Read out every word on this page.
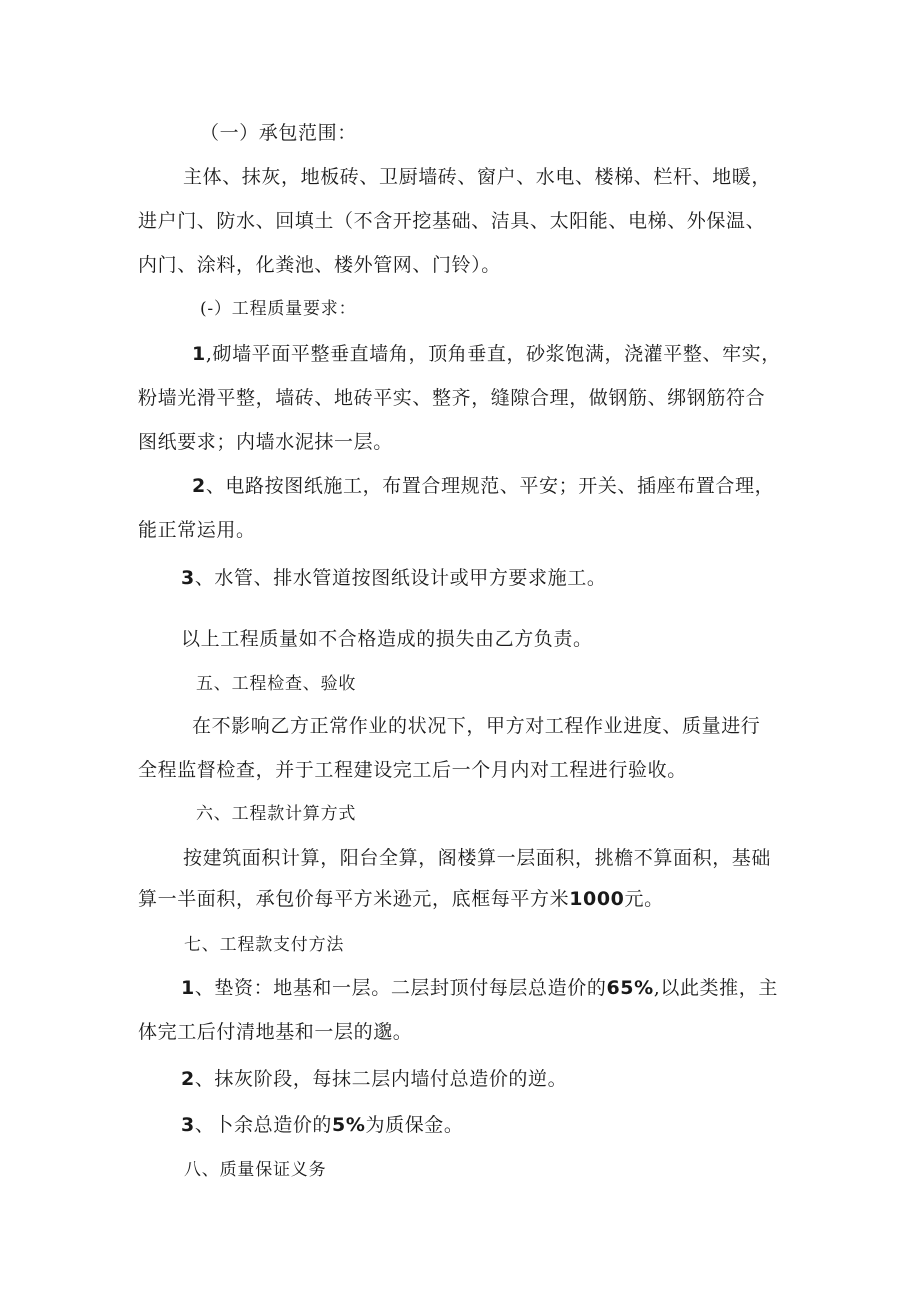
（一）承包范围：
主体、抹灰，地板砖、卫厨墙砖、窗户、水电、楼梯、栏杆、地暖，
进户门、防水、回填土（不含开挖基础、洁具、太阳能、电梯、外保温、
内门、涂料，化粪池、楼外管网、门铃）。
(-）工程质量要求：
1,砌墙平面平整垂直墙角，顶角垂直，砂浆饱满，浇灌平整、牢实，
粉墙光滑平整，墙砖、地砖平实、整齐，缝隙合理，做钢筋、绑钢筋符合
图纸要求；内墙水泥抹一层。
2、电路按图纸施工，布置合理规范、平安；开关、插座布置合理，
能正常运用。
3、水管、排水管道按图纸设计或甲方要求施工。
以上工程质量如不合格造成的损失由乙方负责。
五、工程检查、验收
在不影响乙方正常作业的状况下，甲方对工程作业进度、质量进行
全程监督检查，并于工程建设完工后一个月内对工程进行验收。
六、工程款计算方式
按建筑面积计算，阳台全算，阁楼算一层面积，挑檐不算面积，基础
算一半面积，承包价每平方米逊元，底框每平方米1000元。
七、工程款支付方法
1、垫资：地基和一层。二层封顶付每层总造价的65%,以此类推，主
体完工后付清地基和一层的邈。
2、抹灰阶段，每抹二层内墙付总造价的逆。
3、卜余总造价的5%为质保金。
八、质量保证义务
